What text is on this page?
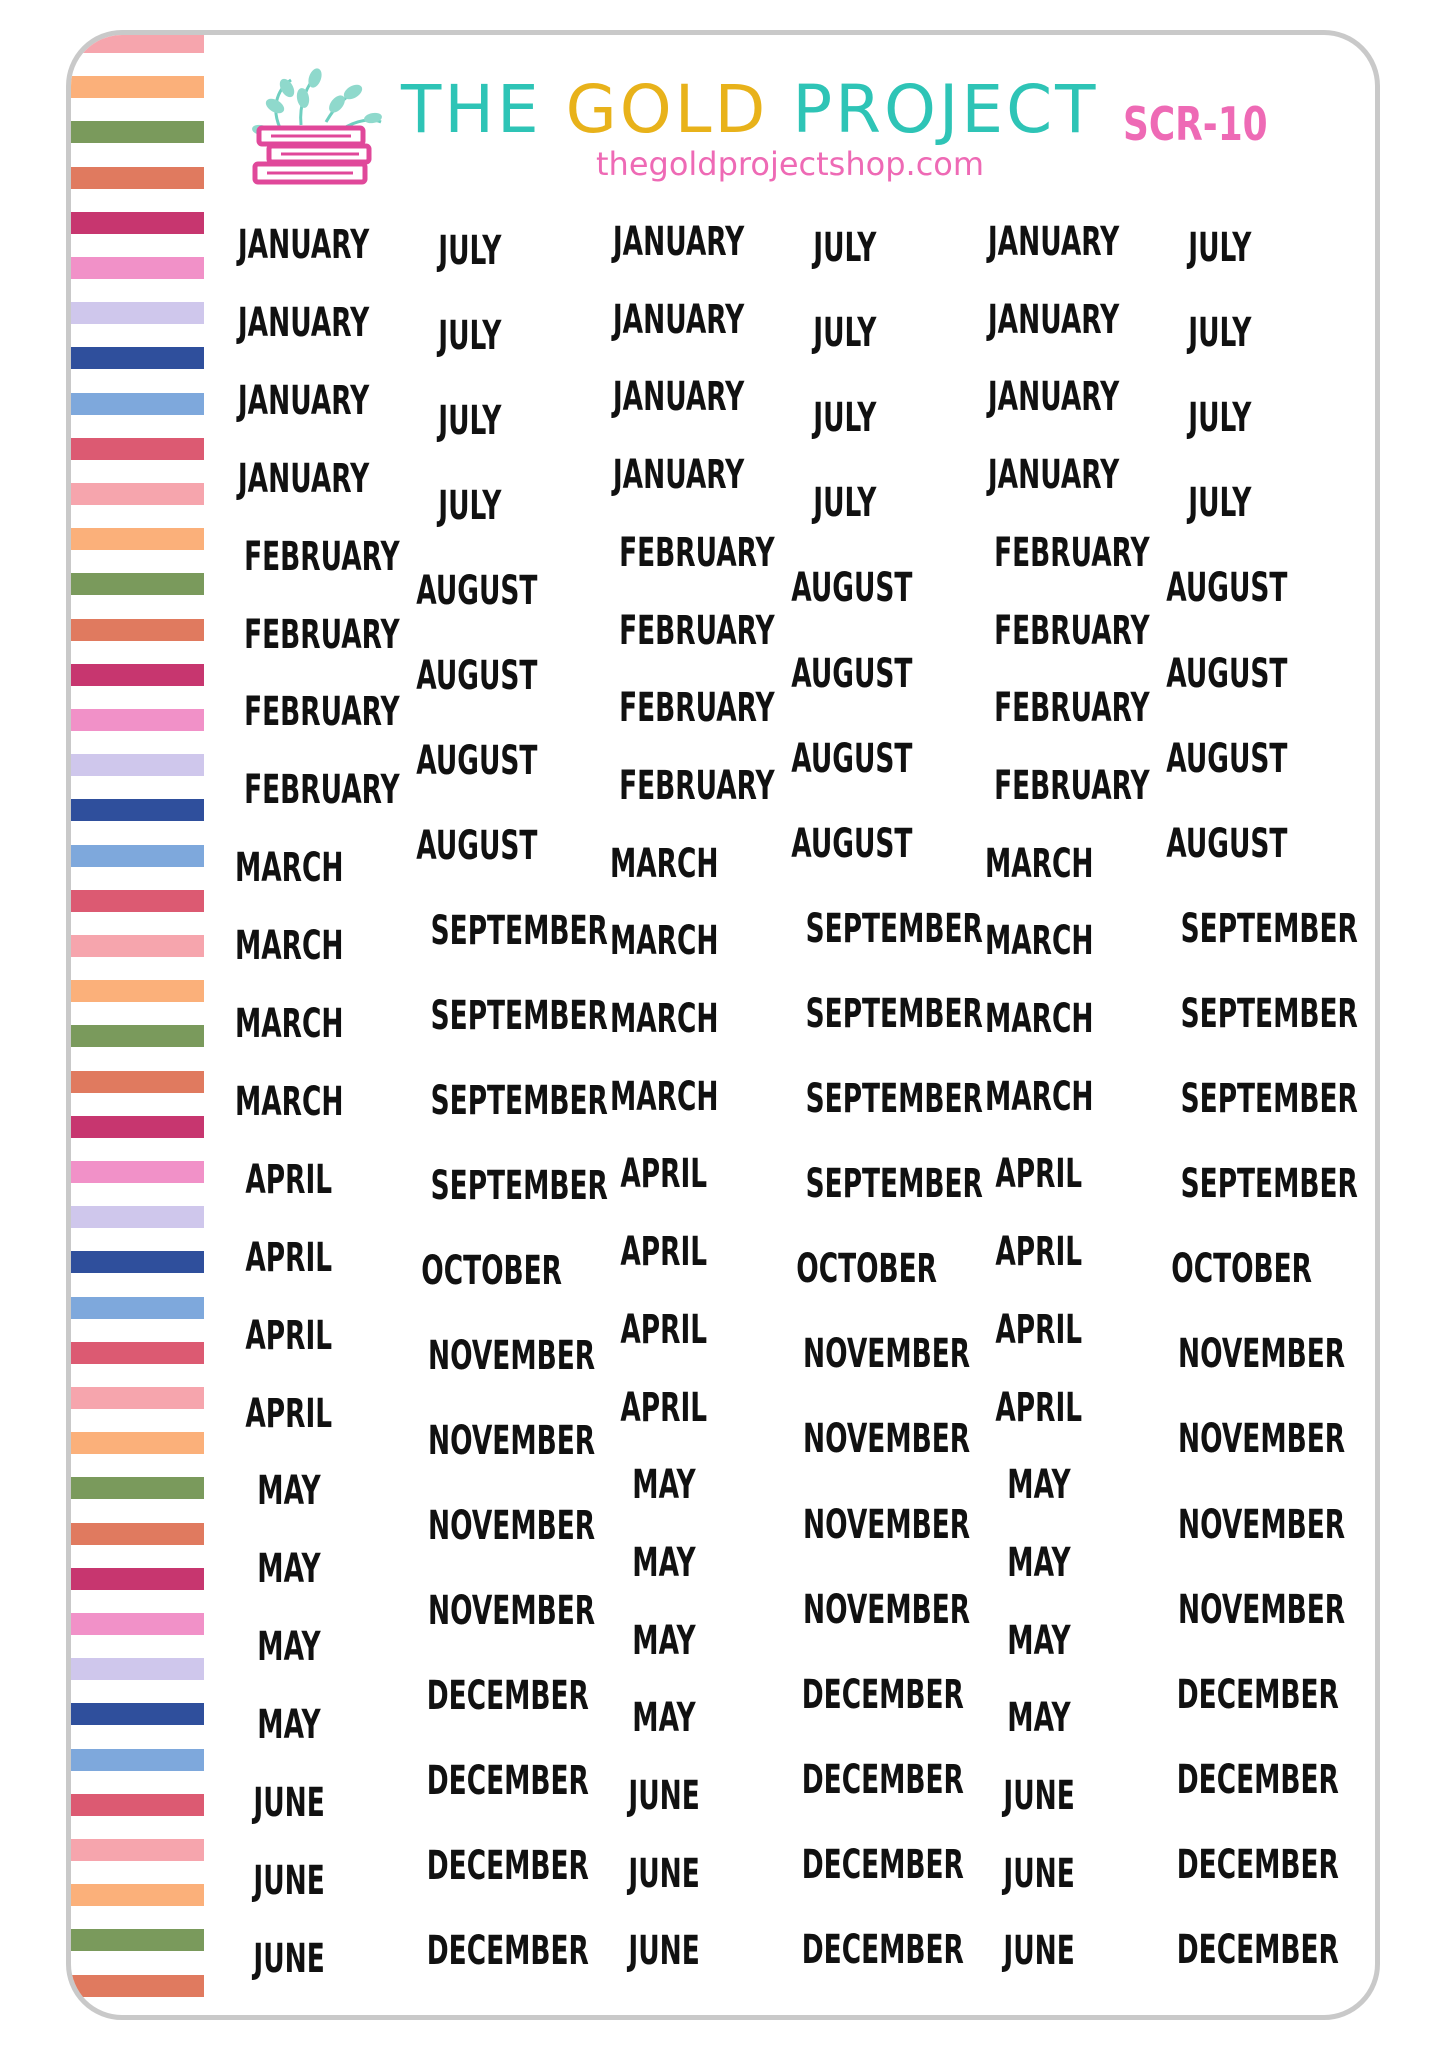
THE GOLD PROJECT SCR-10
thegoldprojectshop.com
JANUARY
JANUARY
JANUARY
JANUARY
FEBRUARY
FEBRUARY
FEBRUARY
FEBRUARY
MARCH
MARCH
MARCH
MARCH
APRIL
APRIL
APRIL
APRIL
MAY
MAY
MAY
MAY
JUNE
JUNE
JUNE
JULY
JULY
JULY
JULY
AUGUST
AUGUST
AUGUST
AUGUST
SEPTEMBER
SEPTEMBER
SEPTEMBER
SEPTEMBER
OCTOBER
NOVEMBER
NOVEMBER
NOVEMBER
NOVEMBER
DECEMBER
DECEMBER
DECEMBER
DECEMBER
JANUARY
JANUARY
JANUARY
JANUARY
FEBRUARY
FEBRUARY
FEBRUARY
FEBRUARY
MARCH
MARCH
MARCH
MARCH
APRIL
APRIL
APRIL
APRIL
MAY
MAY
MAY
MAY
JUNE
JUNE
JUNE
JULY
JULY
JULY
JULY
AUGUST
AUGUST
AUGUST
AUGUST
SEPTEMBER
SEPTEMBER
SEPTEMBER
SEPTEMBER
OCTOBER
NOVEMBER
NOVEMBER
NOVEMBER
NOVEMBER
DECEMBER
DECEMBER
DECEMBER
DECEMBER
JANUARY
JANUARY
JANUARY
JANUARY
FEBRUARY
FEBRUARY
FEBRUARY
FEBRUARY
MARCH
MARCH
MARCH
MARCH
APRIL
APRIL
APRIL
APRIL
MAY
MAY
MAY
MAY
JUNE
JUNE
JUNE
JULY
JULY
JULY
JULY
AUGUST
AUGUST
AUGUST
AUGUST
SEPTEMBER
SEPTEMBER
SEPTEMBER
SEPTEMBER
OCTOBER
NOVEMBER
NOVEMBER
NOVEMBER
NOVEMBER
DECEMBER
DECEMBER
DECEMBER
DECEMBER
